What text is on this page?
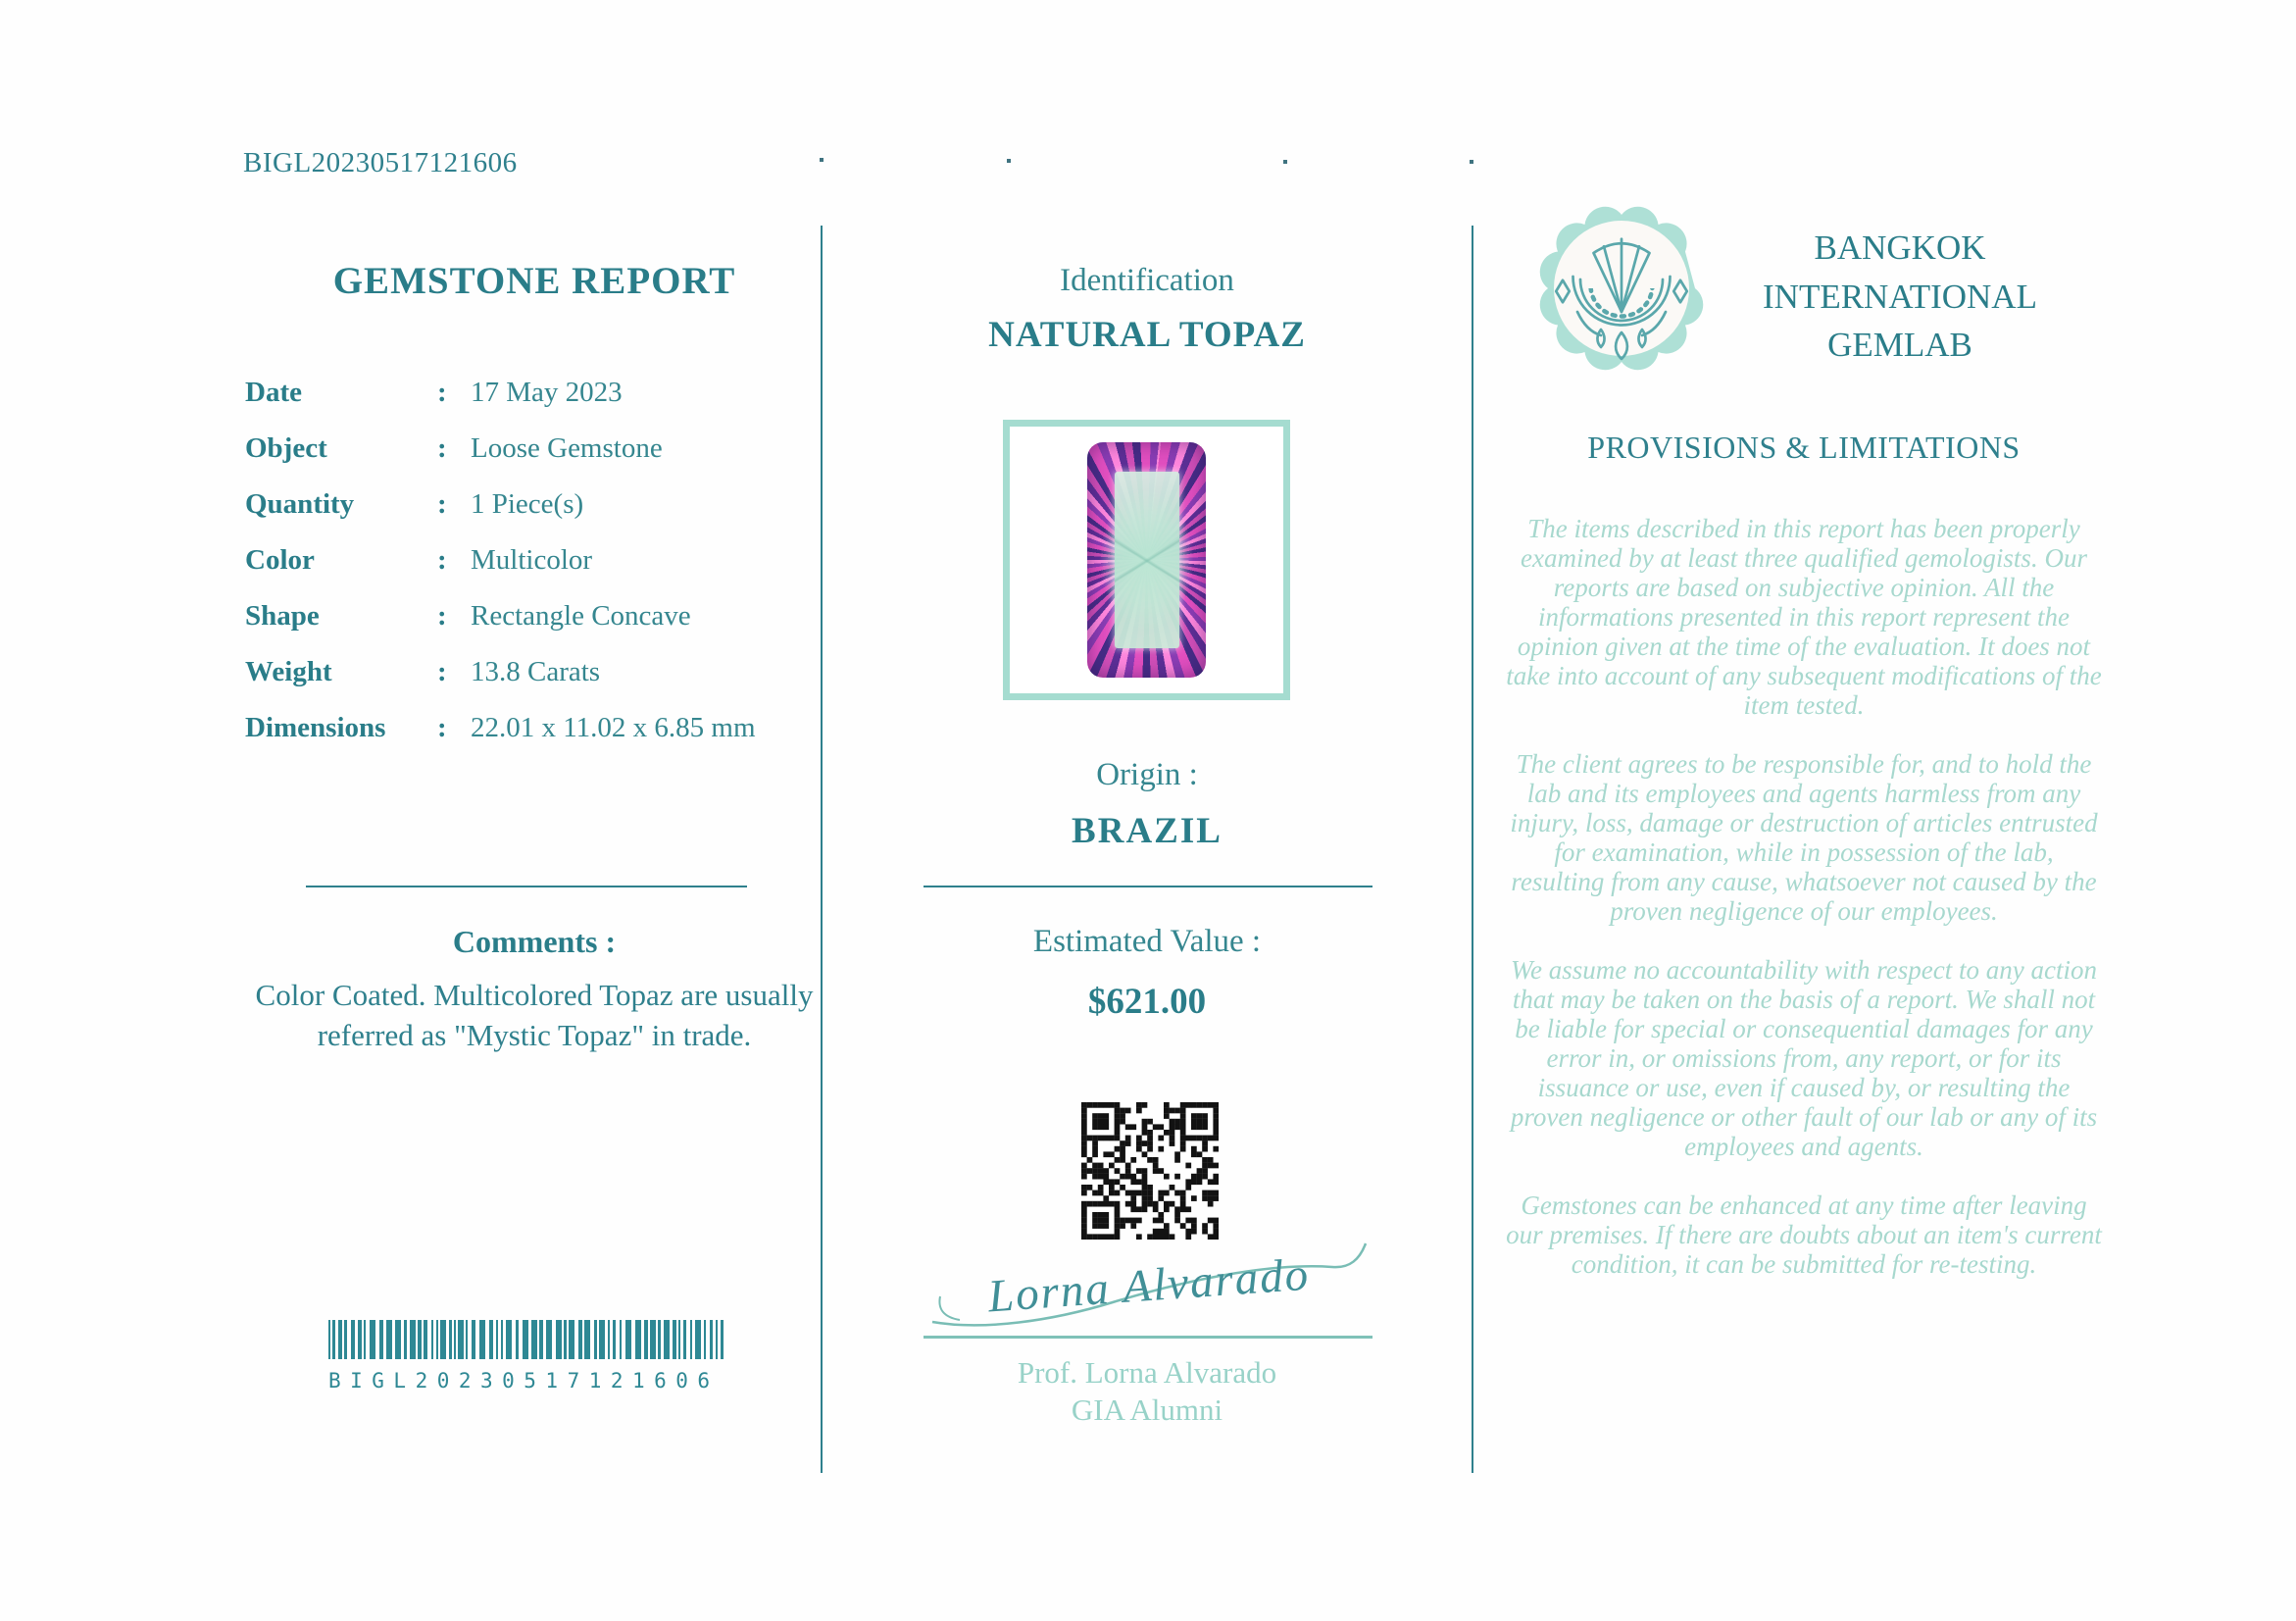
BIGL20230517121606
GEMSTONE REPORT
Date	: 17 May 2023
Object	: Loose Gemstone
Quantity	: 1 Piece(s)
Color	: Multicolor
Shape	: Rectangle Concave
Weight	: 13.8 Carats
Dimensions	: 22.01 x 11.02 x 6.85 mm
Comments :
Color Coated. Multicolored Topaz are usually referred as "Mystic Topaz" in trade.
BIGL20230517121606
Identification
NATURAL TOPAZ
Origin :
BRAZIL
Estimated Value :
$621.00
Lorna Alvarado
Prof. Lorna Alvarado
GIA Alumni
BANGKOK INTERNATIONAL GEMLAB
PROVISIONS & LIMITATIONS

The items described in this report has been properly examined by at least three qualified gemologists. Our reports are based on subjective opinion. All the informations presented in this report represent the opinion given at the time of the evaluation. It does not take into account of any subsequent modifications of the item tested.

The client agrees to be responsible for, and to hold the lab and its employees and agents harmless from any injury, loss, damage or destruction of articles entrusted for examination, while in possession of the lab, resulting from any cause, whatsoever not caused by the proven negligence of our employees.

We assume no accountability with respect to any action that may be taken on the basis of a report. We shall not be liable for special or consequential damages for any error in, or omissions from, any report, or for its issuance or use, even if caused by, or resulting the proven negligence or other fault of our lab or any of its employees and agents.

Gemstones can be enhanced at any time after leaving our premises. If there are doubts about an item's current condition, it can be submitted for re-testing.
